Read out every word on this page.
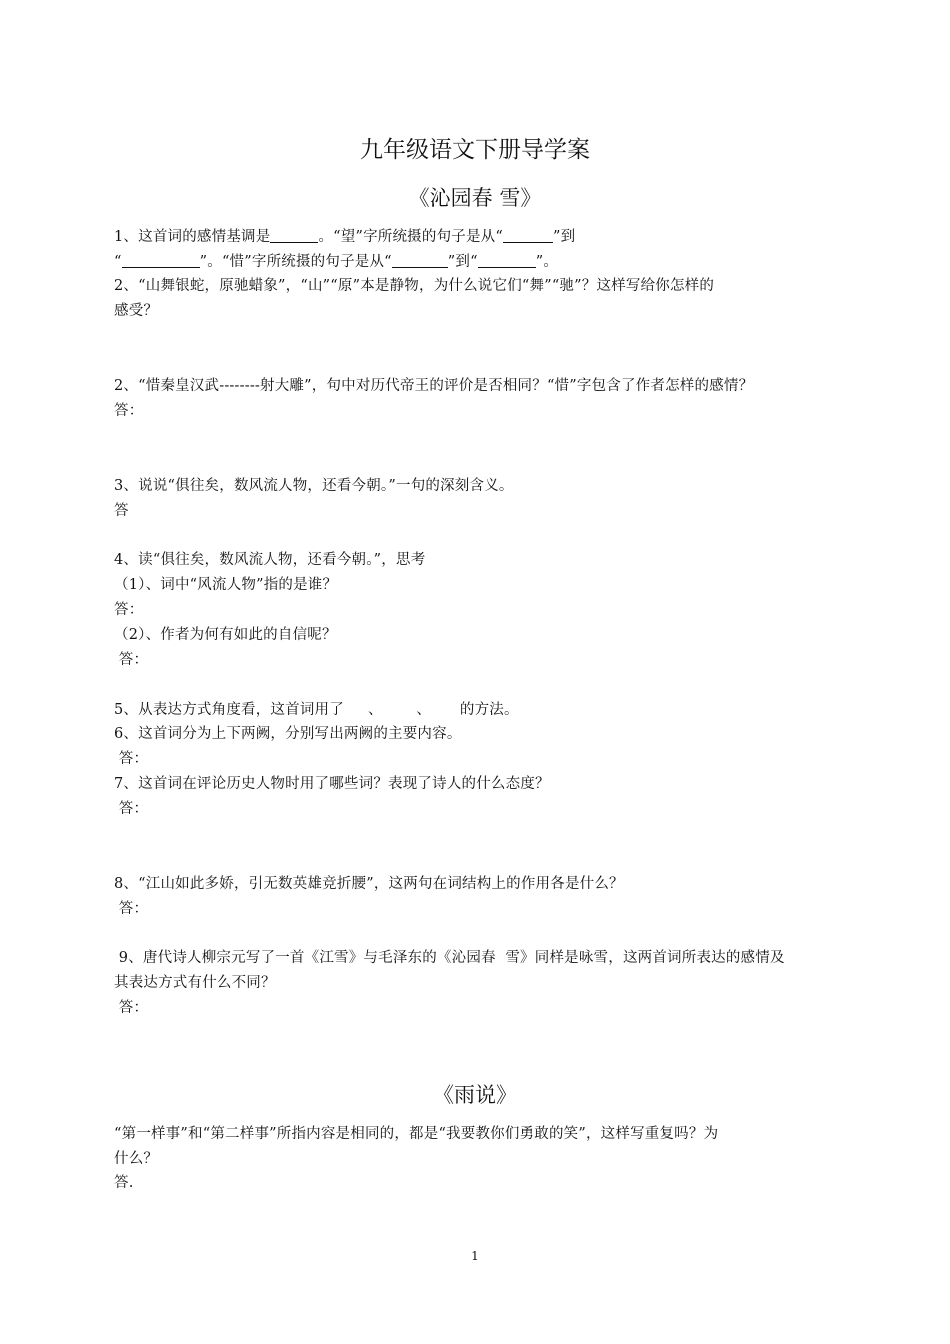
九年级语文下册导学案
《沁园春 雪》
1、这首词的感情基调是	。“望”字所统摄的句子是从“	”到
“	”。“惜”字所统摄的句子是从“	”到“	”。
2、“山舞银蛇，原驰蜡象”，“山”“原”本是静物，为什么说它们“舞”“驰”？这样写给你怎样的
感受？
2、“惜秦皇汉武--------射大雕”，句中对历代帝王的评价是否相同？“惜”字包含了作者怎样的感情？
答：
3、说说“俱往矣，数风流人物，还看今朝。”一句的深刻含义。
答
4、读“俱往矣，数风流人物，还看今朝。”，思考
（1）、词中“风流人物”指的是谁？
答：
（2）、作者为何有如此的自信呢？
答：
5、从表达方式角度看，这首词用了     、       、      的方法。
6、这首词分为上下两阙，分别写出两阙的主要内容。
答：
7、这首词在评论历史人物时用了哪些词？表现了诗人的什么态度？
答：
8、“江山如此多娇，引无数英雄竞折腰”，这两句在词结构上的作用各是什么？
答：
9、唐代诗人柳宗元写了一首《江雪》与毛泽东的《沁园春  雪》同样是咏雪，这两首词所表达的感情及
其表达方式有什么不同？
答：
《雨说》
“第一样事”和“第二样事”所指内容是相同的，都是“我要教你们勇敢的笑”，这样写重复吗？为
什么？
答.
1
